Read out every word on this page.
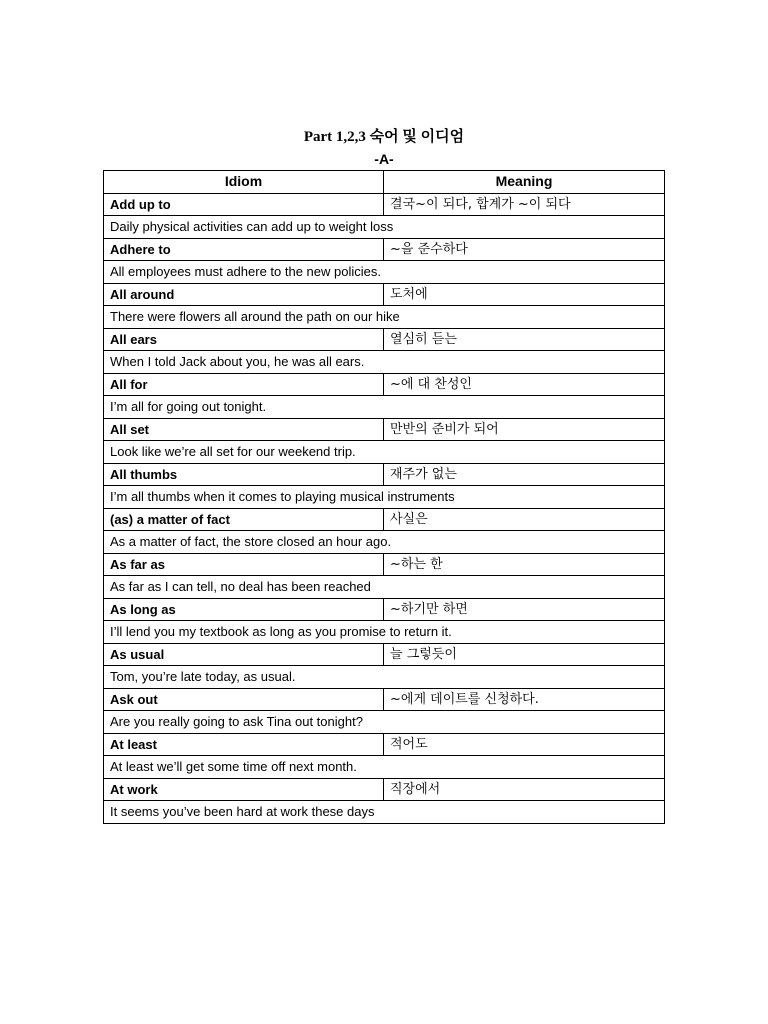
Part 1,2,3 숙어 및 이디엄
-A-
Idiom	Meaning
Add up to	결국~이 되다, 합계가 ~이 되다
Daily physical activities can add up to weight loss	
Adhere to	~을 준수하다
All employees must adhere to the new policies.	
All around	도처에
There were flowers all around the path on our hike	
All ears	열심히 듣는
When I told Jack about you, he was all ears.	
All for	~에 대 찬성인
I’m all for going out tonight.	
All set	만반의 준비가 되어
Look like we’re all set for our weekend trip.	
All thumbs	재주가 없는
I’m all thumbs when it comes to playing musical instruments	
(as) a matter of fact	사실은
As a matter of fact, the store closed an hour ago.	
As far as	~하는 한
As far as I can tell, no deal has been reached	
As long as	~하기만 하면
I’ll lend you my textbook as long as you promise to return it.	
As usual	늘 그렇듯이
Tom, you’re late today, as usual.	
Ask out	~에게 데이트를 신청하다.
Are you really going to ask Tina out tonight?	
At least	적어도
At least we’ll get some time off next month.	
At work	직장에서
It seems you’ve been hard at work these days	
